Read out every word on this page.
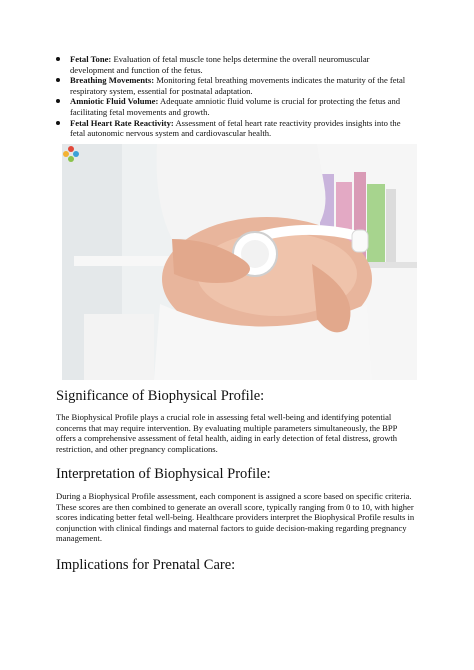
Fetal Tone: Evaluation of fetal muscle tone helps determine the overall neuromuscular development and function of the fetus.
Breathing Movements: Monitoring fetal breathing movements indicates the maturity of the fetal respiratory system, essential for postnatal adaptation.
Amniotic Fluid Volume: Adequate amniotic fluid volume is crucial for protecting the fetus and facilitating fetal movements and growth.
Fetal Heart Rate Reactivity: Assessment of fetal heart rate reactivity provides insights into the fetal autonomic nervous system and cardiovascular health.
Significance of Biophysical Profile:

The Biophysical Profile plays a crucial role in assessing fetal well-being and identifying potential concerns that may require intervention. By evaluating multiple parameters simultaneously, the BPP offers a comprehensive assessment of fetal health, aiding in early detection of fetal distress, growth restriction, and other pregnancy complications.

Interpretation of Biophysical Profile:

During a Biophysical Profile assessment, each component is assigned a score based on specific criteria. These scores are then combined to generate an overall score, typically ranging from 0 to 10, with higher scores indicating better fetal well-being. Healthcare providers interpret the Biophysical Profile results in conjunction with clinical findings and maternal factors to guide decision-making regarding pregnancy management.

Implications for Prenatal Care:
